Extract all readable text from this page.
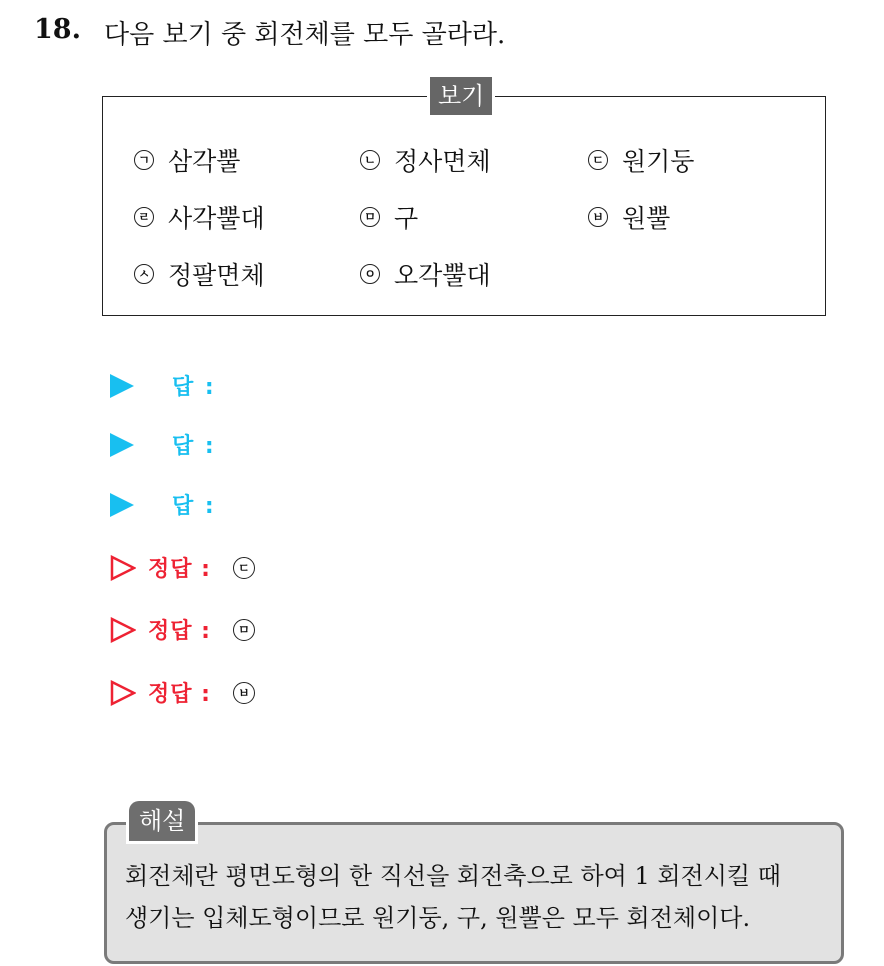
18. 다음 보기 중 회전체를 모두 골라라.
보기
ㄱ 삼각뿔	ㄴ 정사면체	ㄷ 원기둥
ㄹ 사각뿔대	ㅁ 구	ㅂ 원뿔
ㅅ 정팔면체	ㅇ 오각뿔대
답 :
답 :
답 :
정답 :	ㄷ
정답 :	ㅁ
정답 :	ㅂ
해설
회전체란 평면도형의 한 직선을 회전축으로 하여 1 회전시킬 때
생기는 입체도형이므로 원기둥, 구, 원뿔은 모두 회전체이다.
